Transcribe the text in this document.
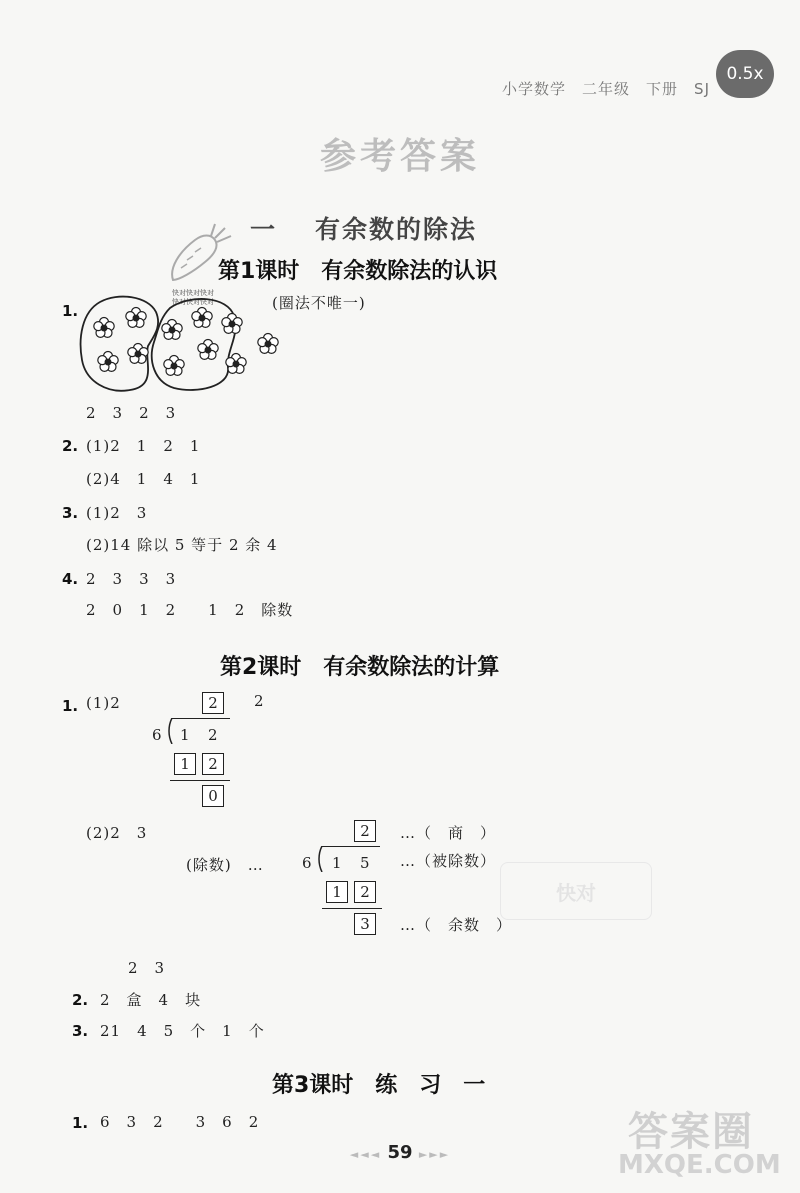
小学数学　二年级　下册　SJ
0.5x
参考答案
一 有余数的除法
快对快对快对
快对快对快对
第1课时　有余数除法的认识
1.	(圈法不唯一)
2　3　2　3
2. (1)2　1　2　1
(2)4　1　4　1
3. (1)2　3
(2)14 除以 5 等于 2 余 4
4. 2　3　3　3
2　0　1　2　　1　2　除数
第2课时　有余数除法的计算
1. (1)2	2	2
6 1 2
1	2
0
(2)2　3	2	…（　商　）
(除数)　…	6 1 5 …（被除数）
1	2
3	…（　余数　）
快对
2　3
2. 2　盒　4　块
3. 21　4　5　个　1　个
第3课时　练　习　一
1. 6　3　2　　3　6　2
◄◄◄ 59 ►►►	答案圈
MXQE.COM
